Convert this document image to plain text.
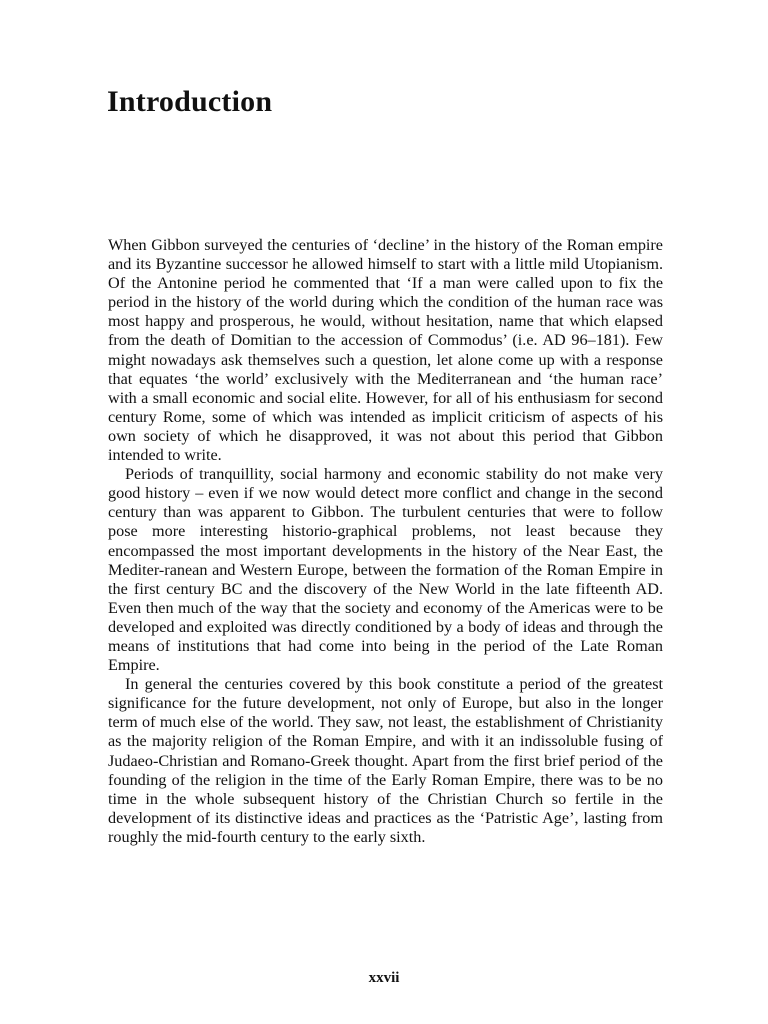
Introduction

When Gibbon surveyed the centuries of ‘decline’ in the history of the Roman empire and its Byzantine successor he allowed himself to start with a little mild Utopianism. Of the Antonine period he commented that ‘If a man were called upon to fix the period in the history of the world during which the condition of the human race was most happy and prosperous, he would, without hesitation, name that which elapsed from the death of Domitian to the accession of Commodus’ (i.e. AD 96–181). Few might nowadays ask themselves such a question, let alone come up with a response that equates ‘the world’ exclusively with the Mediterranean and ‘the human race’ with a small economic and social elite. However, for all of his enthusiasm for second century Rome, some of which was intended as implicit criticism of aspects of his own society of which he disapproved, it was not about this period that Gibbon intended to write.

Periods of tranquillity, social harmony and economic stability do not make very good history – even if we now would detect more conflict and change in the second century than was apparent to Gibbon. The turbulent centuries that were to follow pose more interesting historio-graphical problems, not least because they encompassed the most important developments in the history of the Near East, the Mediter-ranean and Western Europe, between the formation of the Roman Empire in the first century BC and the discovery of the New World in the late fifteenth AD. Even then much of the way that the society and economy of the Americas were to be developed and exploited was directly conditioned by a body of ideas and through the means of institutions that had come into being in the period of the Late Roman Empire.

In general the centuries covered by this book constitute a period of the greatest significance for the future development, not only of Europe, but also in the longer term of much else of the world. They saw, not least, the establishment of Christianity as the majority religion of the Roman Empire, and with it an indissoluble fusing of Judaeo-Christian and Romano-Greek thought. Apart from the first brief period of the founding of the religion in the time of the Early Roman Empire, there was to be no time in the whole subsequent history of the Christian Church so fertile in the development of its distinctive ideas and practices as the ‘Patristic Age’, lasting from roughly the mid-fourth century to the early sixth.

xxvii
